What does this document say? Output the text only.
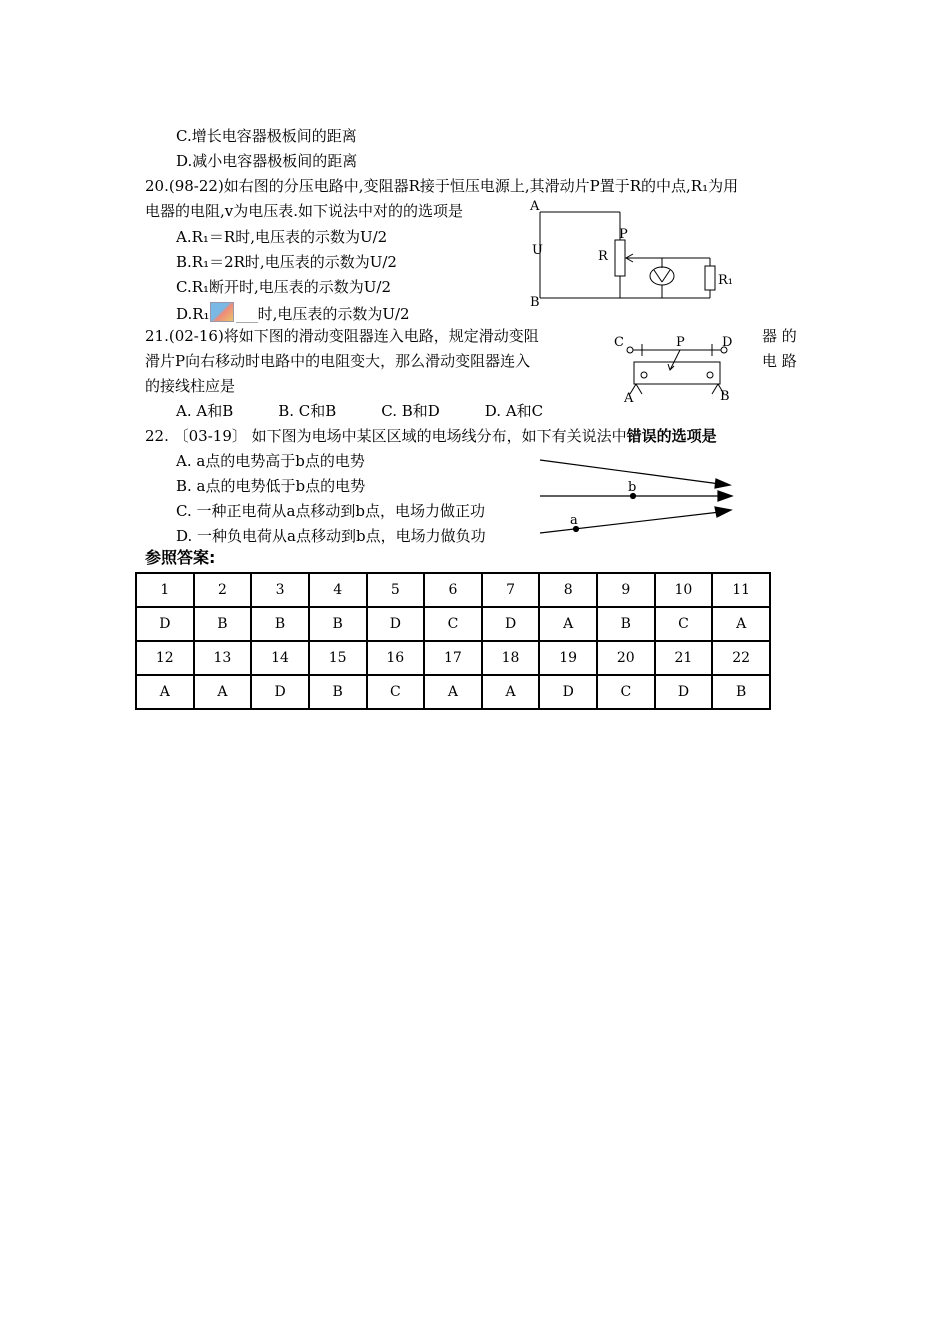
C.增长电容器极板间的距离
D.减小电容器极板间的距离
20.(98-22)如右图的分压电路中,变阻器R接于恒压电源上,其滑动片P置于R的中点,R₁为用
电器的电阻,v为电压表.如下说法中对的的选项是
A.R₁＝R时,电压表的示数为U/2
B.R₁＝2R时,电压表的示数为U/2
C.R₁断开时,电压表的示数为U/2
D.R₁	时,电压表的示数为U/2
A
B
U
P
R
R₁
21.(02-16)将如下图的滑动变阻器连入电路，规定滑动变阻	器 的
滑片P向右移动时电路中的电阻变大，那么滑动变阻器连入	电 路
的接线柱应是
A. A和B　　　B. C和B　　　C. B和D　　　D. A和C
C	P	D
A	B
22. 〔03-19〕 如下图为电场中某区区域的电场线分布，如下有关说法中错误的选项是
A. a点的电势高于b点的电势
B. a点的电势低于b点的电势
C. 一种正电荷从a点移动到b点，电场力做正功
D. 一种负电荷从a点移动到b点，电场力做负功
b
a
参照答案:
1	2	3	4	5	6	7	8	9	10	11
D	B	B	B	D	C	D	A	B	C	A
12	13	14	15	16	17	18	19	20	21	22
A	A	D	B	C	A	A	D	C	D	B
